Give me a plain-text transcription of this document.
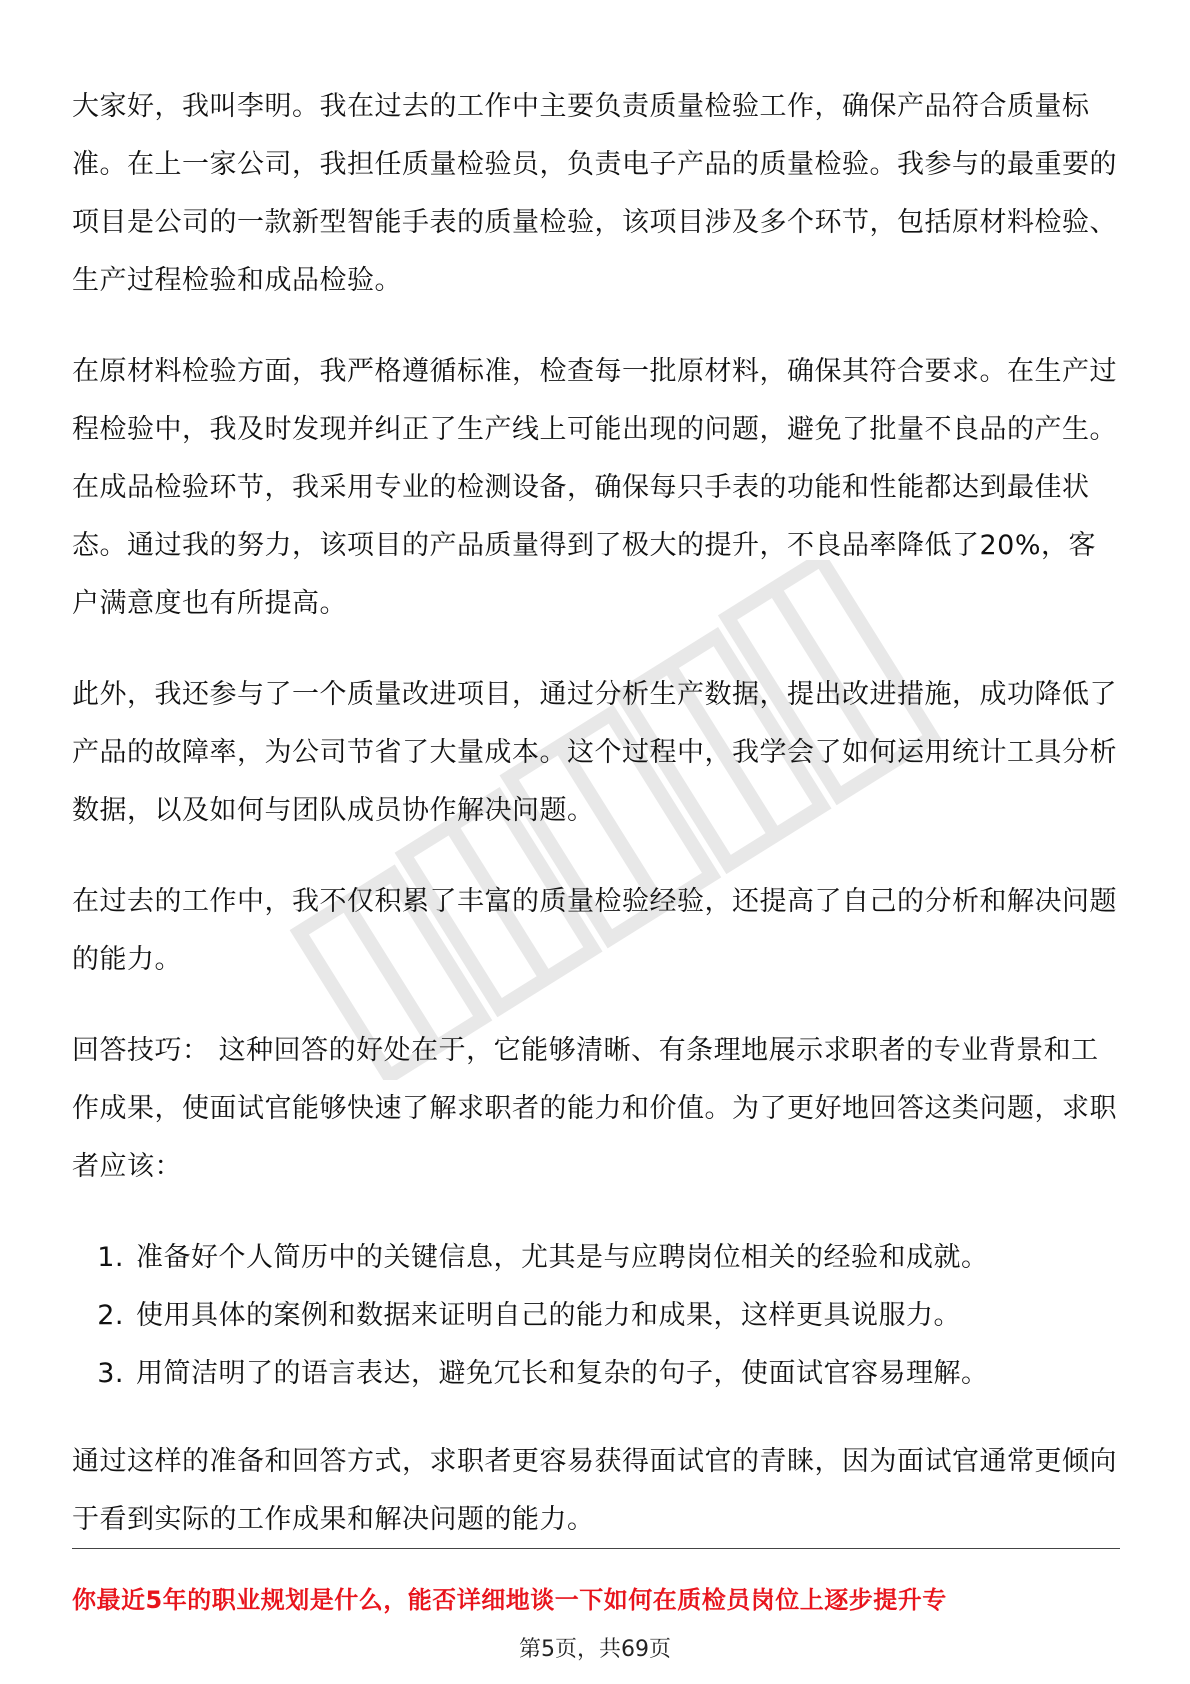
大家好，我叫李明。我在过去的工作中主要负责质量检验工作，确保产品符合质量标准。在上一家公司，我担任质量检验员，负责电子产品的质量检验。我参与的最重要的项目是公司的一款新型智能手表的质量检验，该项目涉及多个环节，包括原材料检验、生产过程检验和成品检验。

在原材料检验方面，我严格遵循标准，检查每一批原材料，确保其符合要求。在生产过程检验中，我及时发现并纠正了生产线上可能出现的问题，避免了批量不良品的产生。在成品检验环节，我采用专业的检测设备，确保每只手表的功能和性能都达到最佳状态。通过我的努力，该项目的产品质量得到了极大的提升，不良品率降低了20%，客户满意度也有所提高。

此外，我还参与了一个质量改进项目，通过分析生产数据，提出改进措施，成功降低了产品的故障率，为公司节省了大量成本。这个过程中，我学会了如何运用统计工具分析数据，以及如何与团队成员协作解决问题。

在过去的工作中，我不仅积累了丰富的质量检验经验，还提高了自己的分析和解决问题的能力。

回答技巧： 这种回答的好处在于，它能够清晰、有条理地展示求职者的专业背景和工作成果，使面试官能够快速了解求职者的能力和价值。为了更好地回答这类问题，求职者应该：

1. 准备好个人简历中的关键信息，尤其是与应聘岗位相关的经验和成就。
2. 使用具体的案例和数据来证明自己的能力和成果，这样更具说服力。
3. 用简洁明了的语言表达，避免冗长和复杂的句子，使面试官容易理解。

通过这样的准备和回答方式，求职者更容易获得面试官的青睐，因为面试官通常更倾向于看到实际的工作成果和解决问题的能力。

你最近5年的职业规划是什么，能否详细地谈一下如何在质检员岗位上逐步提升专
第5页，共69页
